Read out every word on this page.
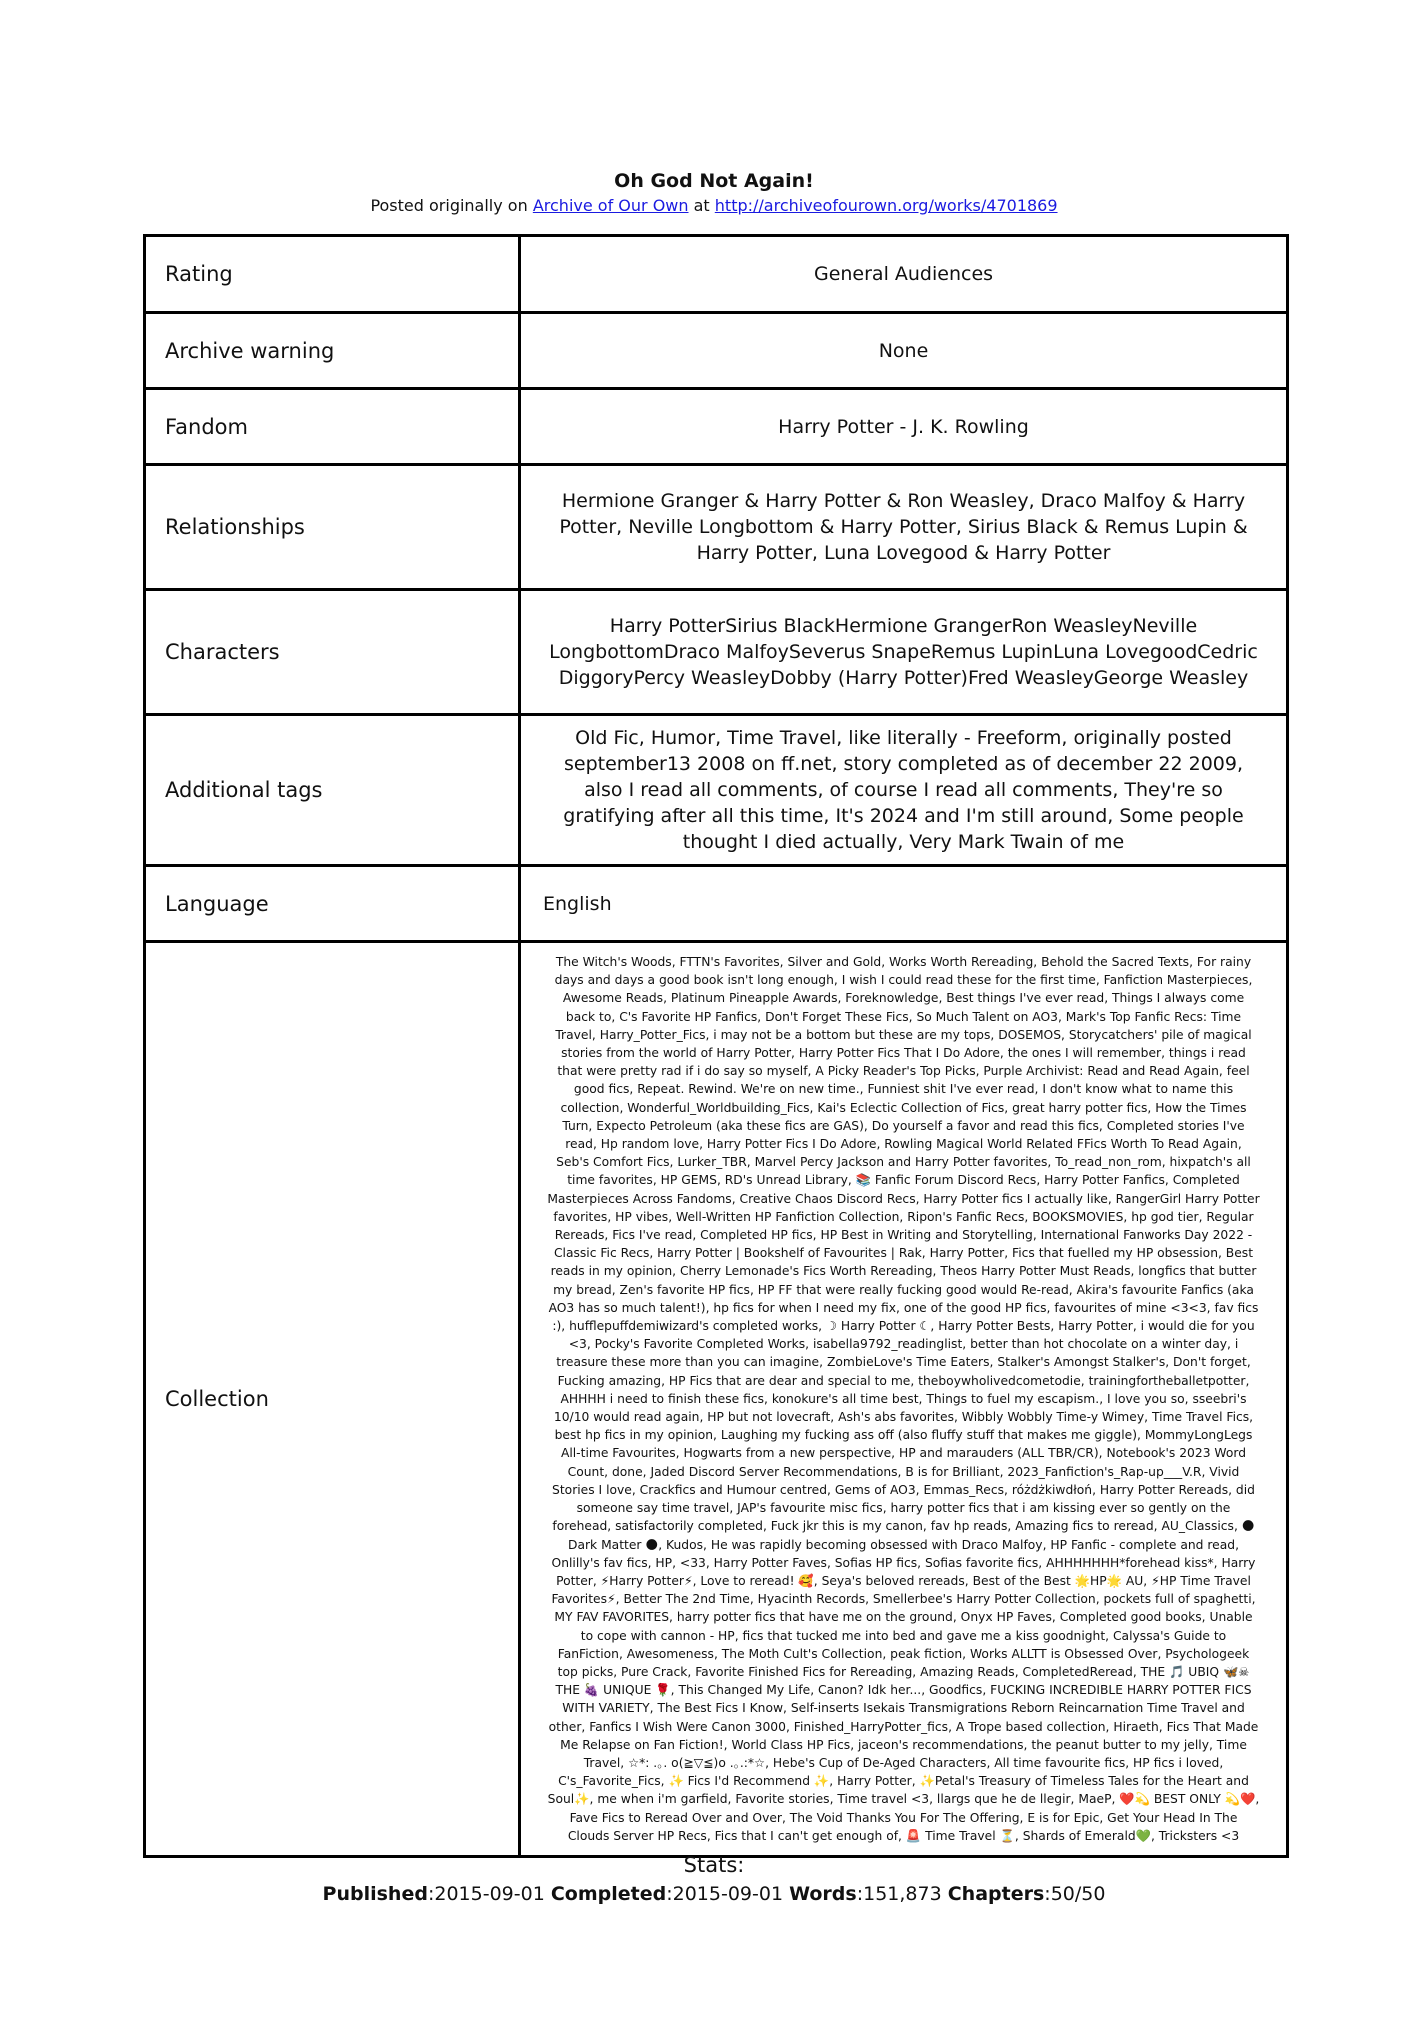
Oh God Not Again!
Posted originally on Archive of Our Own at http://archiveofourown.org/works/4701869
Rating	General Audiences
Archive warning	None
Fandom	Harry Potter - J. K. Rowling
Relationships	Hermione Granger & Harry Potter & Ron Weasley, Draco Malfoy & Harry Potter, Neville Longbottom & Harry Potter, Sirius Black & Remus Lupin & Harry Potter, Luna Lovegood & Harry Potter
Characters	Harry PotterSirius BlackHermione GrangerRon WeasleyNeville LongbottomDraco MalfoySeverus SnapeRemus LupinLuna LovegoodCedric DiggoryPercy WeasleyDobby (Harry Potter)Fred WeasleyGeorge Weasley
Additional tags	Old Fic, Humor, Time Travel, like literally - Freeform, originally posted september13 2008 on ff.net, story completed as of december 22 2009, also I read all comments, of course I read all comments, They're so gratifying after all this time, It's 2024 and I'm still around, Some people thought I died actually, Very Mark Twain of me
Language	English
Collection	The Witch's Woods, FTTN's Favorites, Silver and Gold, Works Worth Rereading, Behold the Sacred Texts, For rainy days and days a good book isn't long enough, I wish I could read these for the first time, Fanfiction Masterpieces, Awesome Reads, Platinum Pineapple Awards, Foreknowledge, Best things I've ever read, Things I always come back to, C's Favorite HP Fanfics, Don't Forget These Fics, So Much Talent on AO3, Mark's Top Fanfic Recs: Time Travel, Harry_Potter_Fics, i may not be a bottom but these are my tops, DOSEMOS, Storycatchers' pile of magical stories from the world of Harry Potter, Harry Potter Fics That I Do Adore, the ones I will remember, things i read that were pretty rad if i do say so myself, A Picky Reader's Top Picks, Purple Archivist: Read and Read Again, feel good fics, Repeat. Rewind. We're on new time., Funniest shit I've ever read, I don't know what to name this collection, Wonderful_Worldbuilding_Fics, Kai's Eclectic Collection of Fics, great harry potter fics, How the Times Turn, Expecto Petroleum (aka these fics are GAS), Do yourself a favor and read this fics, Completed stories I've read, Hp random love, Harry Potter Fics I Do Adore, Rowling Magical World Related FFics Worth To Read Again, Seb's Comfort Fics, Lurker_TBR, Marvel Percy Jackson and Harry Potter favorites, To_read_non_rom, hixpatch's all time favorites, HP GEMS, RD's Unread Library, 📚 Fanfic Forum Discord Recs, Harry Potter Fanfics, Completed Masterpieces Across Fandoms, Creative Chaos Discord Recs, Harry Potter fics I actually like, RangerGirl Harry Potter favorites, HP vibes, Well-Written HP Fanfiction Collection, Ripon's Fanfic Recs, BOOKSMOVIES, hp god tier, Regular Rereads, Fics I've read, Completed HP fics, HP Best in Writing and Storytelling, International Fanworks Day 2022 - Classic Fic Recs, Harry Potter | Bookshelf of Favourites | Rak, Harry Potter, Fics that fuelled my HP obsession, Best reads in my opinion, Cherry Lemonade's Fics Worth Rereading, Theos Harry Potter Must Reads, longfics that butter my bread, Zen's favorite HP fics, HP FF that were really fucking good would Re-read, Akira's favourite Fanfics (aka AO3 has so much talent!), hp fics for when I need my fix, one of the good HP fics, favourites of mine <3<3, fav fics :), hufflepuffdemiwizard's completed works, ☽ Harry Potter ☾, Harry Potter Bests, Harry Potter, i would die for you <3, Pocky's Favorite Completed Works, isabella9792_readinglist, better than hot chocolate on a winter day, i treasure these more than you can imagine, ZombieLove's Time Eaters, Stalker's Amongst Stalker's, Don't forget, Fucking amazing, HP Fics that are dear and special to me, theboywholivedcometodie, trainingfortheballetpotter, AHHHH i need to finish these fics, konokure's all time best, Things to fuel my escapism., I love you so, sseebri's 10/10 would read again, HP but not lovecraft, Ash's abs favorites, Wibbly Wobbly Time-y Wimey, Time Travel Fics, best hp fics in my opinion, Laughing my fucking ass off (also fluffy stuff that makes me giggle), MommyLongLegs All-time Favourites, Hogwarts from a new perspective, HP and marauders (ALL TBR/CR), Notebook's 2023 Word Count, done, Jaded Discord Server Recommendations, B is for Brilliant, 2023_Fanfiction's_Rap-up___V.R, Vivid Stories I love, Crackfics and Humour centred, Gems of AO3, Emmas_Recs, różdżkiwdłoń, Harry Potter Rereads, did someone say time travel, JAP's favourite misc fics, harry potter fics that i am kissing ever so gently on the forehead, satisfactorily completed, Fuck jkr this is my canon, fav hp reads, Amazing fics to reread, AU_Classics, 🌑 Dark Matter 🌑, Kudos, He was rapidly becoming obsessed with Draco Malfoy, HP Fanfic - complete and read, Onlilly's fav fics, HP, <33, Harry Potter Faves, Sofias HP fics, Sofias favorite fics, AHHHHHHH*forehead kiss*, Harry Potter, ⚡Harry Potter⚡, Love to reread! 🥰, Seya's beloved rereads, Best of the Best 🌟HP🌟 AU, ⚡HP Time Travel Favorites⚡, Better The 2nd Time, Hyacinth Records, Smellerbee's Harry Potter Collection, pockets full of spaghetti, MY FAV FAVORITES, harry potter fics that have me on the ground, Onyx HP Faves, Completed good books, Unable to cope with cannon - HP, fics that tucked me into bed and gave me a kiss goodnight, Calyssa's Guide to FanFiction, Awesomeness, The Moth Cult's Collection, peak fiction, Works ALLTT is Obsessed Over, Psychologeek top picks, Pure Crack, Favorite Finished Fics for Rereading, Amazing Reads, CompletedReread, THE 🎵 UBIQ 🦋☠ THE 🍇 UNIQUE 🌹, This Changed My Life, Canon? Idk her..., Goodfics, FUCKING INCREDIBLE HARRY POTTER FICS WITH VARIETY, The Best Fics I Know, Self-inserts Isekais Transmigrations Reborn Reincarnation Time Travel and other, Fanfics I Wish Were Canon 3000, Finished_HarryPotter_fics, A Trope based collection, Hiraeth, Fics That Made Me Relapse on Fan Fiction!, World Class HP Fics, jaceon's recommendations, the peanut butter to my jelly, Time Travel, ☆*: .｡. o(≧▽≦)o .｡.:*☆, Hebe's Cup of De-Aged Characters, All time favourite fics, HP fics i loved, C's_Favorite_Fics, ✨ Fics I'd Recommend ✨, Harry Potter, ✨Petal's Treasury of Timeless Tales for the Heart and Soul✨, me when i'm garfield, Favorite stories, Time travel <3, llargs que he de llegir, MaeP, ❤️💫 BEST ONLY 💫❤️, Fave Fics to Reread Over and Over, The Void Thanks You For The Offering, E is for Epic, Get Your Head In The Clouds Server HP Recs, Fics that I can't get enough of, 🚨 Time Travel ⏳, Shards of Emerald💚, Tricksters <3
Stats:
Published:2015-09-01 Completed:2015-09-01 Words:151,873 Chapters:50/50
